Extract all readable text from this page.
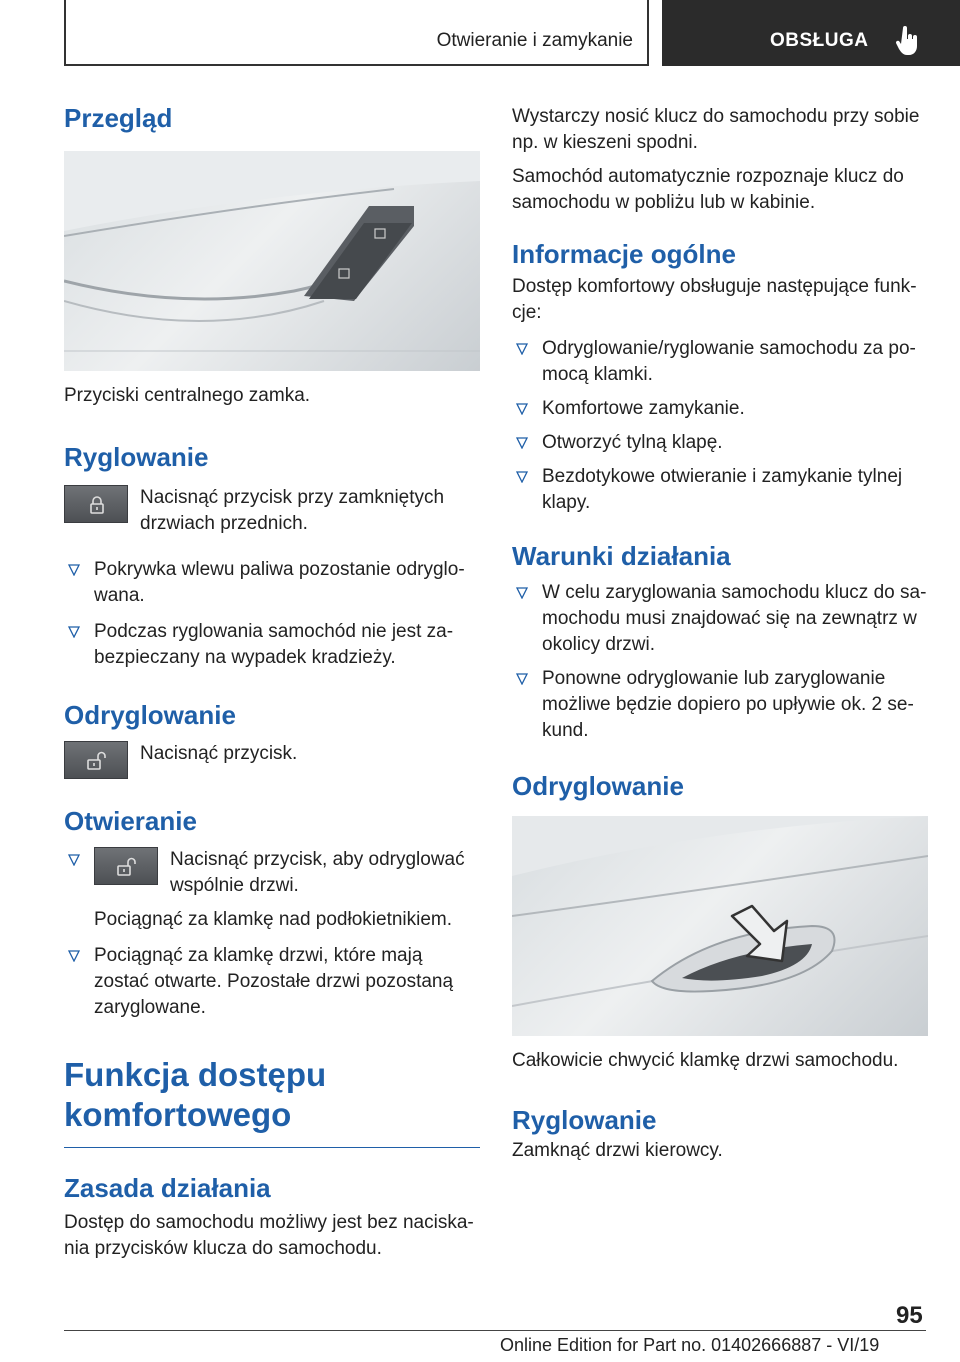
Otwieranie i zamykanie	OBSŁUGA
Przegląd

Przyciski centralnego zamka.

Ryglowanie

Nacisnąć przycisk przy zamkniętych drzwiach przednich.

Pokrywka wlewu paliwa pozostanie odryglowana.
Podczas ryglowania samochód nie jest zabezpieczany na wypadek kradzieży.
Odryglowanie

Nacisnąć przycisk.

Otwieranie
Nacisnąć przycisk, aby odryglować wspólnie drzwi.

Pociągnąć za klamkę nad podłokietnikiem.

Pociągnąć za klamkę drzwi, które mają zostać otwarte. Pozostałe drzwi pozostaną zaryglowane.
Funkcja dostępu komfortowego
Zasada działania

Dostęp do samochodu możliwy jest bez naciskania przycisków klucza do samochodu.

Wystarczy nosić klucz do samochodu przy sobie np. w kieszeni spodni.

Samochód automatycznie rozpoznaje klucz do samochodu w pobliżu lub w kabinie.

Informacje ogólne

Dostęp komfortowy obsługuje następujące funkcje:

Odryglowanie/ryglowanie samochodu za pomocą klamki.
Komfortowe zamykanie.
Otworzyć tylną klapę.
Bezdotykowe otwieranie i zamykanie tylnej klapy.
Warunki działania
W celu zaryglowania samochodu klucz do samochodu musi znajdować się na zewnątrz w okolicy drzwi.
Ponowne odryglowanie lub zaryglowanie możliwe będzie dopiero po upływie ok. 2 sekund.
Odryglowanie

Całkowicie chwycić klamkę drzwi samochodu.

Ryglowanie

Zamknąć drzwi kierowcy.

95
Online Edition for Part no. 01402666887 - VI/19
